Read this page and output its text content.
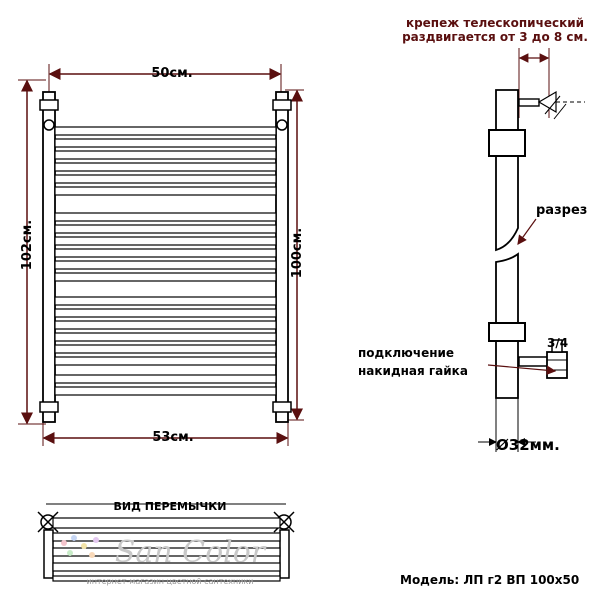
50см.
53см.
102см.	100см.
крепеж телескопический
раздвигается от 3 до 8 см.
разрез
3/4
подключение
накидная гайка
Ø32мм.
ВИД ПЕРЕМЫЧКИ
San Color
интернет-магазин цветной сантехники	Модель: ЛП г2 ВП 100х50
